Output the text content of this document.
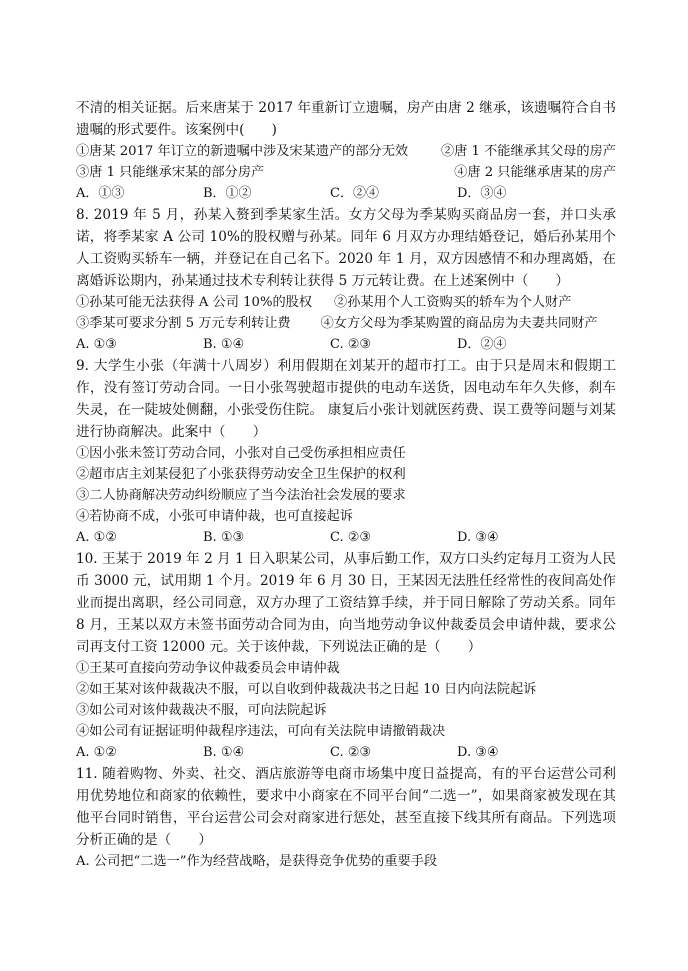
不清的相关证据。后来唐某于 2017 年重新订立遗嘱，房产由唐 2 继承，该遗嘱符合自书遗嘱的形式要件。该案例中(　　)

①唐某 2017 年订立的新遗嘱中涉及宋某遗产的部分无效 ②唐 1 不能继承其父母的房产
③唐 1 只能继承宋某的部分房产	④唐 2 只能继承唐某的房产
A．①③	B．①②	C．②④	D．③④

8. 2019 年 5 月，孙某入赘到季某家生活。女方父母为季某购买商品房一套，并口头承诺，将季某家 A 公司 10%的股权赠与孙某。同年 6 月双方办理结婚登记，婚后孙某用个人工资购买轿车一辆，并登记在自己名下。2020 年 1 月，双方因感情不和办理离婚，在离婚诉讼期内，孙某通过技术专利转让获得 5 万元转让费。在上述案例中（　　）

①孙某可能无法获得 A 公司 10%的股权 ②孙某用个人工资购买的轿车为个人财产

③季某可要求分割 5 万元专利转让费 ④女方父母为季某购置的商品房为夫妻共同财产

A. ①③	B. ①④	C. ②③	D．②④

9. 大学生小张（年满十八周岁）利用假期在刘某开的超市打工。由于只是周末和假期工作，没有签订劳动合同。一日小张驾驶超市提供的电动车送货，因电动车年久失修，刹车失灵，在一陡坡处侧翻，小张受伤住院。 康复后小张计划就医药费、误工费等问题与刘某进行协商解决。此案中（　　）

①因小张未签订劳动合同，小张对自己受伤承担相应责任

②超市店主刘某侵犯了小张获得劳动安全卫生保护的权利

③二人协商解决劳动纠纷顺应了当今法治社会发展的要求

④若协商不成，小张可申请仲裁，也可直接起诉

A. ①②	B. ①③	C. ②③	D. ③④

10. 王某于 2019 年 2 月 1 日入职某公司，从事后勤工作，双方口头约定每月工资为人民币 3000 元，试用期 1 个月。2019 年 6 月 30 日，王某因无法胜任经常性的夜间高处作业而提出离职，经公司同意，双方办理了工资结算手续，并于同日解除了劳动关系。同年 8 月，王某以双方未签书面劳动合同为由，向当地劳动争议仲裁委员会申请仲裁，要求公司再支付工资 12000 元。关于该仲裁，下列说法正确的是（　　）

①王某可直接向劳动争议仲裁委员会申请仲裁

②如王某对该仲裁裁决不服，可以自收到仲裁裁决书之日起 10 日内向法院起诉

③如公司对该仲裁裁决不服，可向法院起诉

④如公司有证据证明仲裁程序违法，可向有关法院申请撤销裁决

A. ①②	B. ①④	C. ②③	D. ③④

11. 随着购物、外卖、社交、酒店旅游等电商市场集中度日益提高，有的平台运营公司利用优势地位和商家的依赖性，要求中小商家在不同平台间“二选一”，如果商家被发现在其他平台同时销售，平台运营公司会对商家进行惩处，甚至直接下线其所有商品。下列选项分析正确的是（　　）

A. 公司把“二选一”作为经营战略，是获得竞争优势的重要手段
